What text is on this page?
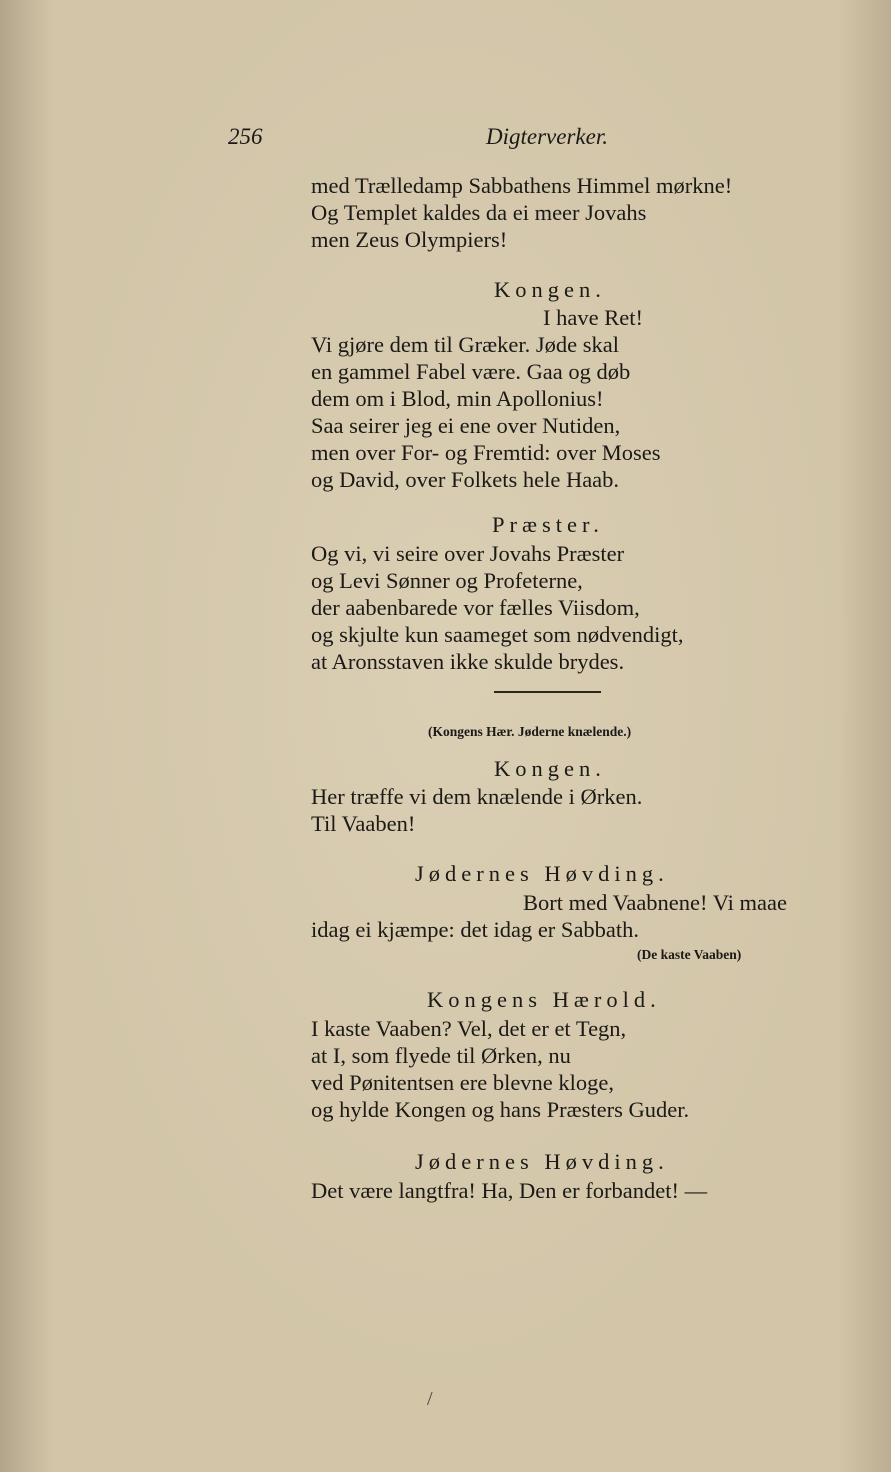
256	Digterverker.
med Trælledamp Sabbathens Himmel mørkne!
Og Templet kaldes da ei meer Jovahs
men Zeus Olympiers!
Kongen.
I have Ret!
Vi gjøre dem til Græker. Jøde skal
en gammel Fabel være. Gaa og døb
dem om i Blod, min Apollonius!
Saa seirer jeg ei ene over Nutiden,
men over For- og Fremtid: over Moses
og David, over Folkets hele Haab.
Præster.
Og vi, vi seire over Jovahs Præster
og Levi Sønner og Profeterne,
der aabenbarede vor fælles Viisdom,
og skjulte kun saameget som nødvendigt,
at Aronsstaven ikke skulde brydes.
(Kongens Hær. Jøderne knælende.)
Kongen.
Her træffe vi dem knælende i Ørken.
Til Vaaben!
Jødernes Høvding.
Bort med Vaabnene! Vi maae
idag ei kjæmpe: det idag er Sabbath.
(De kaste Vaaben)
Kongens Hærold.
I kaste Vaaben? Vel, det er et Tegn,
at I, som flyede til Ørken, nu
ved Pønitentsen ere blevne kloge,
og hylde Kongen og hans Præsters Guder.
Jødernes Høvding.
Det være langtfra! Ha, Den er forbandet! —
/
